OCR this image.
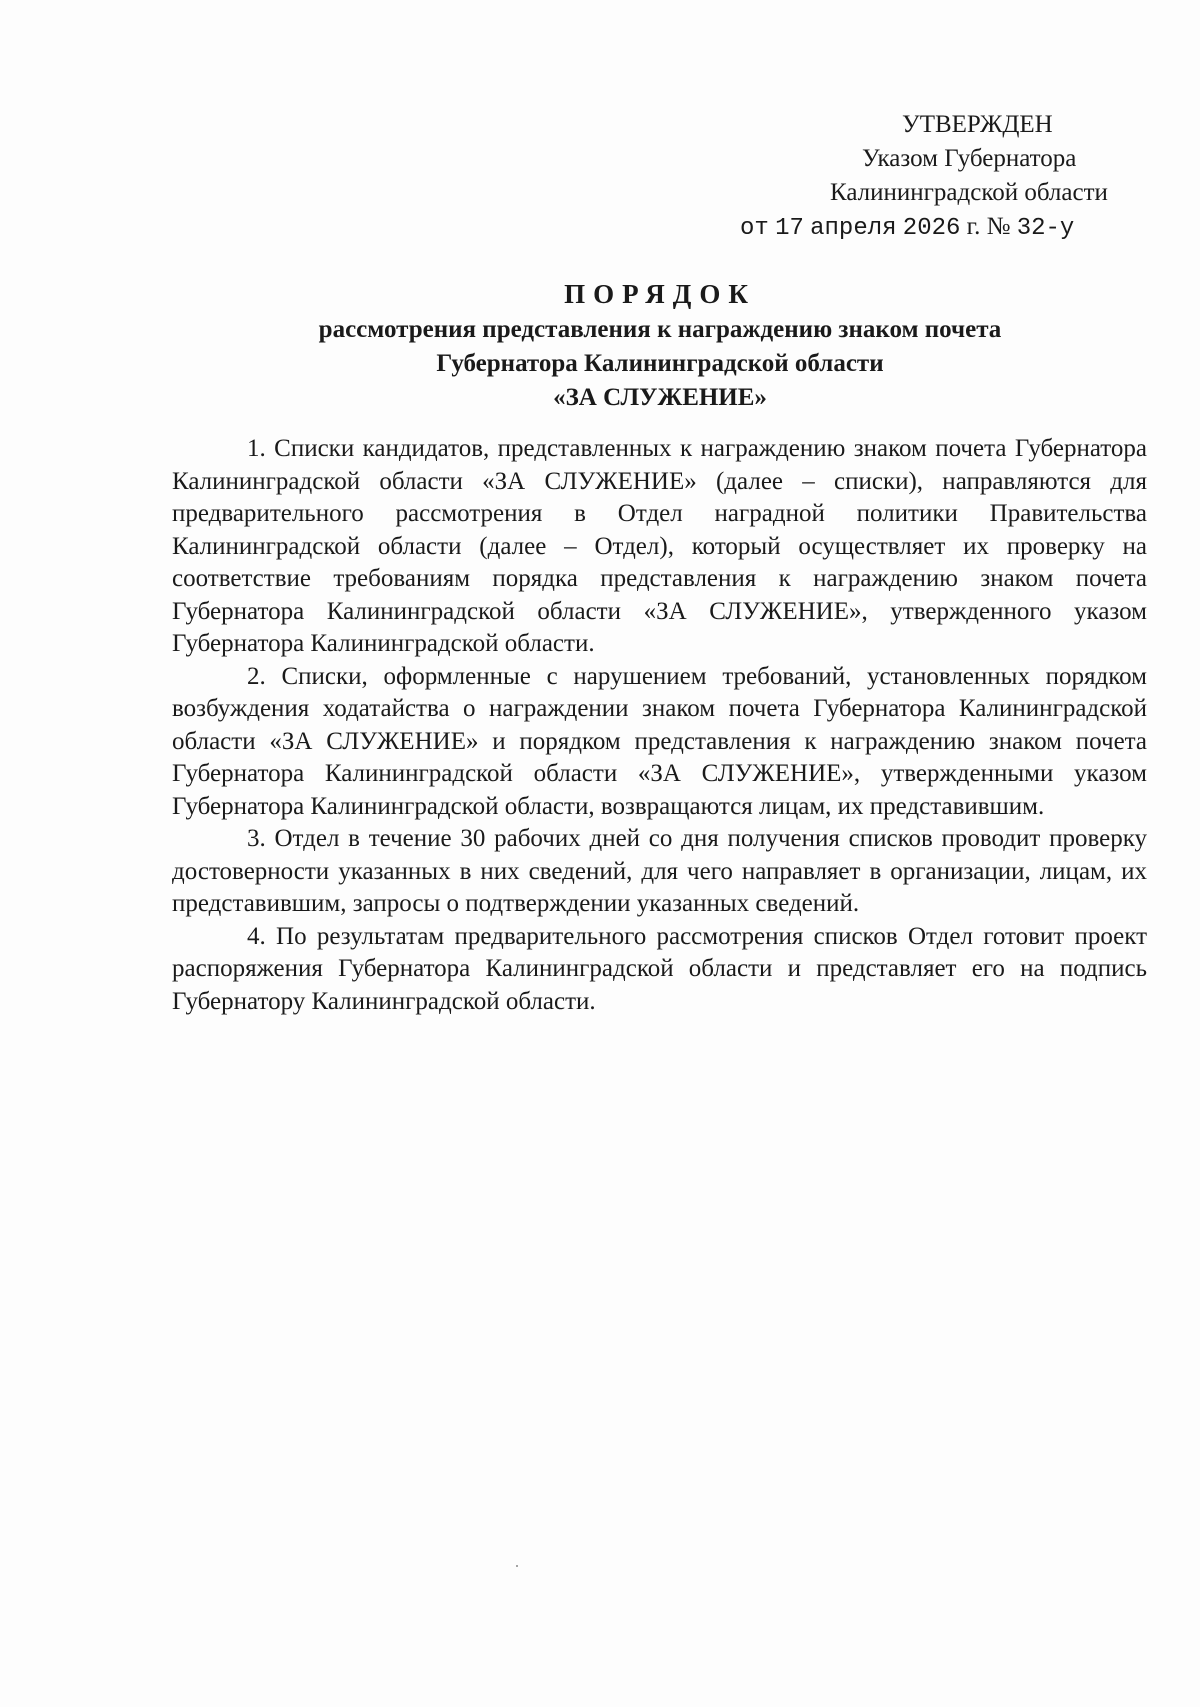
УТВЕРЖДЕН
Указом Губернатора
Калининградской области
от 17 апреля 2026 г. № 32-у
ПОРЯДОК
рассмотрения представления к награждению знаком почета
Губернатора Калининградской области
«ЗА СЛУЖЕНИЕ»

1. Списки кандидатов, представленных к награждению знаком почета Губернатора Калининградской области «ЗА СЛУЖЕНИЕ» (далее – списки), направляются для предварительного рассмотрения в Отдел наградной политики Правительства Калининградской области (далее – Отдел), который осуществляет их проверку на соответствие требованиям порядка представления к награждению знаком почета Губернатора Калининградской области «ЗА СЛУЖЕНИЕ», утвержденного указом Губернатора Калининградской области.

2. Списки, оформленные с нарушением требований, установленных порядком возбуждения ходатайства о награждении знаком почета Губернатора Калининградской области «ЗА СЛУЖЕНИЕ» и порядком представления к награждению знаком почета Губернатора Калининградской области «ЗА СЛУЖЕНИЕ», утвержденными указом Губернатора Калининградской области, возвращаются лицам, их представившим.

3. Отдел в течение 30 рабочих дней со дня получения списков проводит проверку достоверности указанных в них сведений, для чего направляет в организации, лицам, их представившим, запросы о подтверждении указанных сведений.

4. По результатам предварительного рассмотрения списков Отдел готовит проект распоряжения Губернатора Калининградской области и представляет его на подпись Губернатору Калининградской области.
